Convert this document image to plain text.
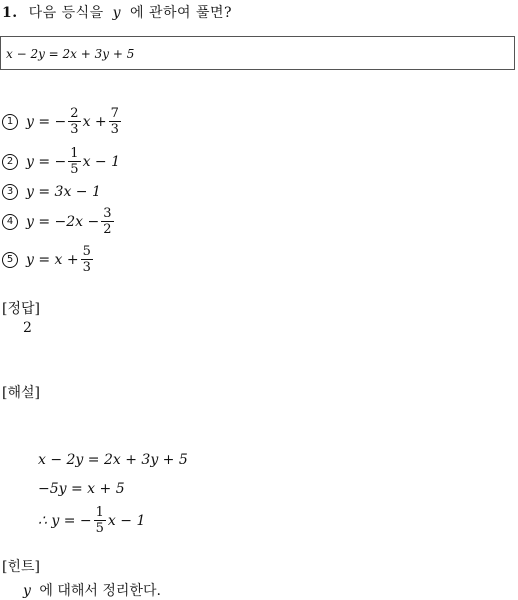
1. 다음 등식을 y 에 관하여 풀면?
x − 2y = 2x + 3y + 5
1 y = − $\frac{2}{3}$ $x + \frac{7}{3}$
2 y = − $\frac{1}{5}$ x − 1
3 y = 3x − 1
4 $y = -2x - \frac{3}{2}$
5 $y = x + \frac{5}{3}$
[정답]
2
[해설]
x − 2y = 2x + 3y + 5
−5y = x + 5
∴ y = − $\frac{1}{5}$ x − 1
[힌트]
y 에 대해서 정리한다.
